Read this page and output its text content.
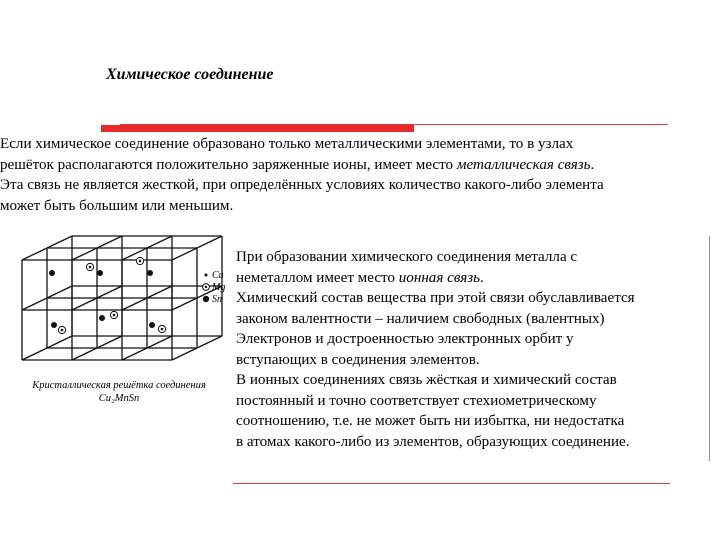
Химическое соединение
Если химическое соединение образовано только металлическими элементами, то в узлах
решёток располагаются положительно заряженные ионы, имеет место металлическая связь.
Эта связь не является жесткой, при определённых условиях количество какого-либо элемента
может быть большим или меньшим.
Cu
Mg
Sn
Кристаллическая решётка соединения
Cu₂MnSn
При образовании химического соединения металла с
неметаллом имеет место ионная связь.
Химический состав вещества при этой связи обуславливается
законом валентности – наличием свободных (валентных)
Электронов и достроенностью электронных орбит у
вступающих в соединения элементов.
В ионных соединениях связь жёсткая и химический состав
постоянный и точно соответствует стехиометрическому
соотношению, т.е. не может быть ни избытка, ни недостатка
в атомах какого-либо из элементов, образующих соединение.
